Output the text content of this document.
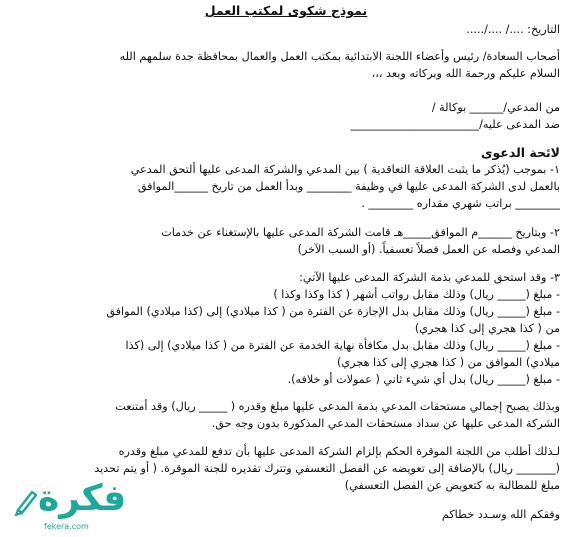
نموذج شكوى لمكتب العمل
التاريخ: ..../ ..../.....
أصحاب السعادة/ رئيس وأعضاء اللجنة الابتدائية بمكتب العمل والعمال بمحافظة جدة سلمهم الله
السلام عليكم ورحمة الله وبركاته وبعد ،،،
من المدعي/______ بوكالة /
ضد المدعى عليه/_______________________
لائحة الدعوى
١- بموجب (يُذكر ما يثبت العلاقة التعاقدية ) بين المدعي والشركة المدعى عليها ألتحق المدعي
بالعمل لدى الشركة المدعى عليها في وظيفة ________ وبدأ العمل من تاريخ ______الموافق
________ براتب شهري مقداره ________ .
٢- وبتاريخ ______م الموافق_____هـ قامت الشركة المدعى عليها بالإستغناء عن خدمات
المدعي وفصله عن العمل فصلاً تعسفياً. (أو السبب الآخر)
٣- وقد استحق للمدعي بذمة الشركة المدعى عليها الآتي:
- مبلغ (_____ ريال) وذلك مقابل رواتب أشهر ( كذا وكذا وكذا )
- مبلغ (_____ ريال) وذلك مقابل بدل الإجازة عن الفترة من ( كذا ميلادي) إلى (كذا ميلادي) الموافق
من ( كذا هجري إلى كذا هجري)
- مبلغ (_____ ريال) وذلك مقابل بدل مكافأة نهاية الخدمة عن الفترة من ( كذا ميلادي) إلى (كذا
ميلادي) الموافق من ( كذا هجري إلى كذا هجري)
- مبلغ (_____ ريال) بدل أي شيء ثاني ( عمولات أو خلافه).
وبذلك يصبح إجمالي مستحقات المدعي بذمة المدعى عليها مبلغ وقدره ( _____ ريال) وقد أمتنعت
الشركة المدعى عليها عن سداد مستحقات المدعي المذكورة بدون وجه حق.
لـذلك أطلب من اللجنة الموقرة الحكم بإلزام الشركة المدعى عليها بأن تدفع للمدعي مبلغ وقدره
(_______ ريال) بالإضافة إلى تعويضه عن الفصل التعسفي وتترك تقديره للجنة الموقرة. ( أو يتم تحديد
مبلغ للمطالبة به كتعويض عن الفصل التعسفي)
وفقكم الله وسـدد خطاكم
فكرة
fekera.com
